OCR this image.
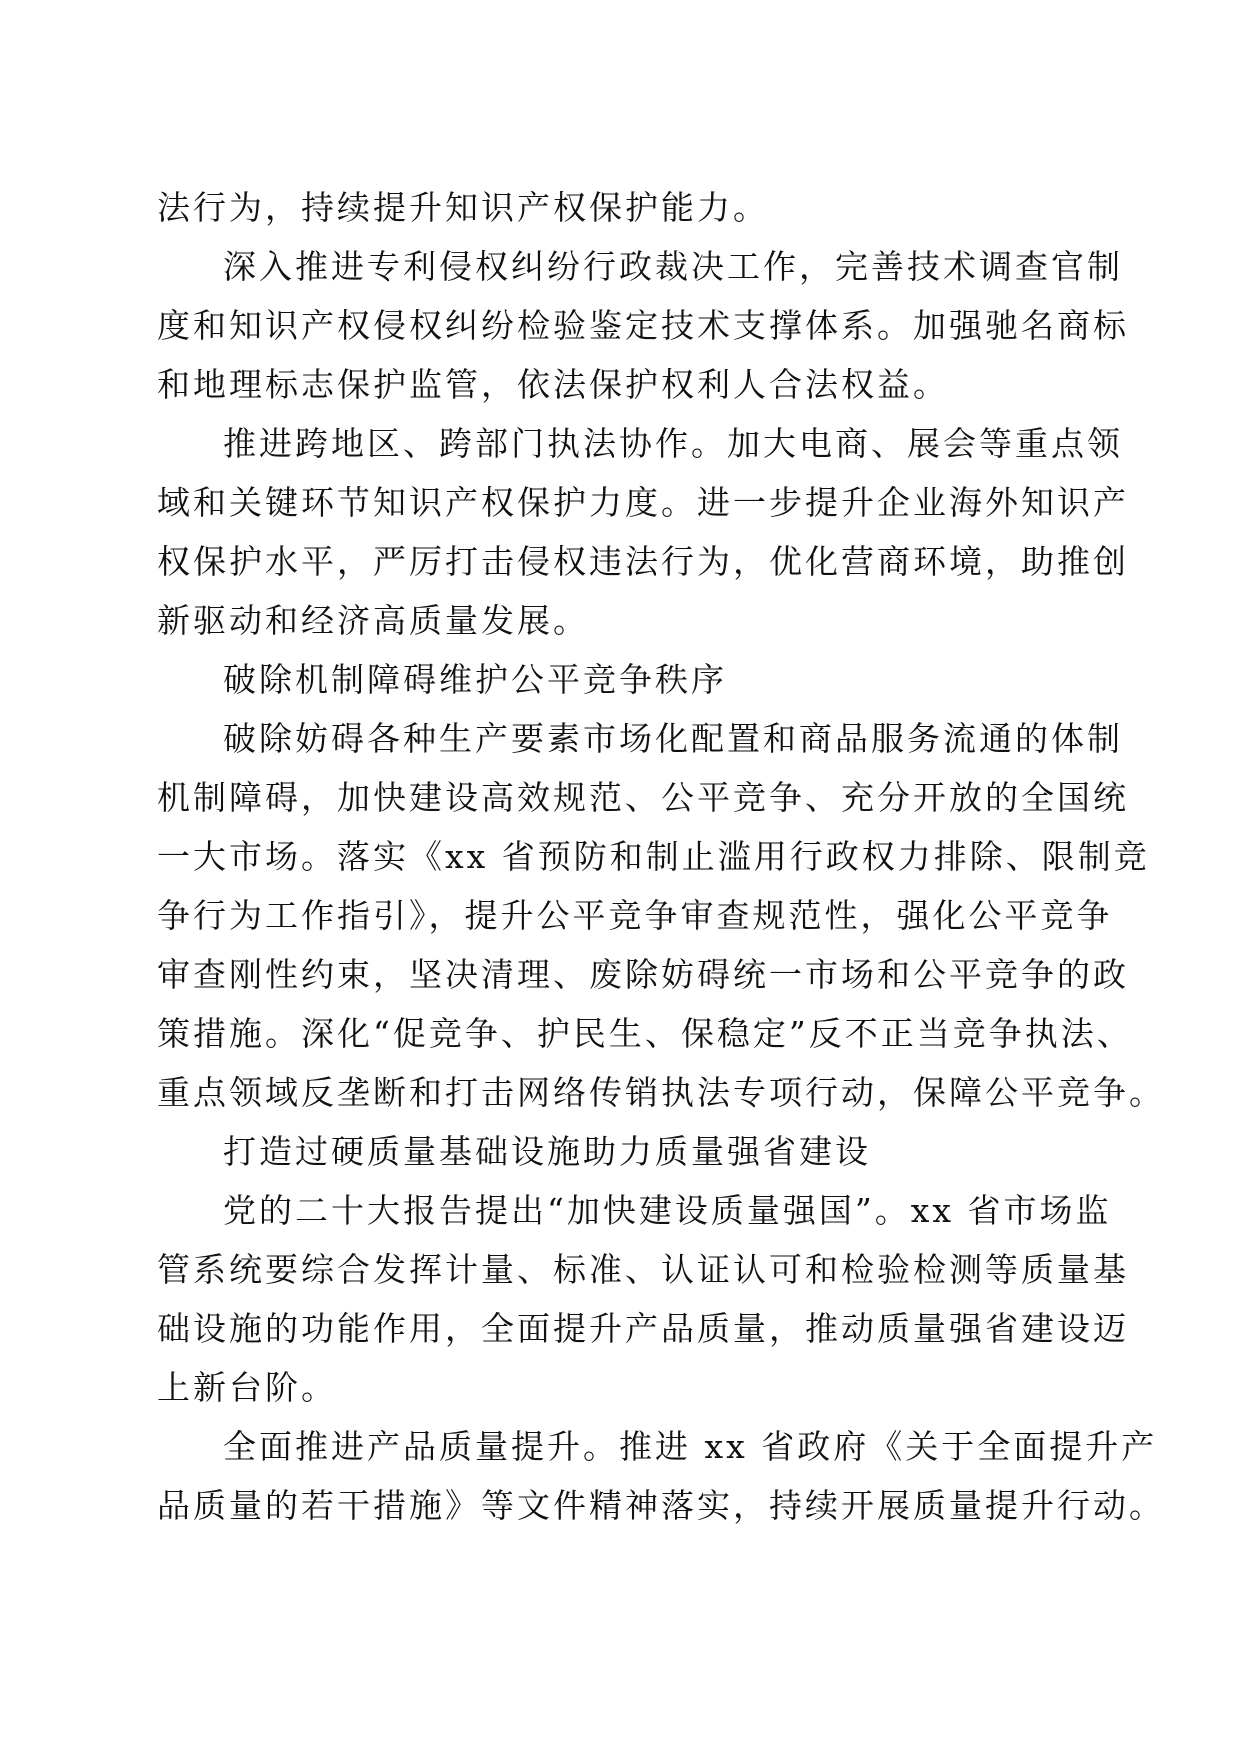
法行为，持续提升知识产权保护能力。

深入推进专利侵权纠纷行政裁决工作，完善技术调查官制
度和知识产权侵权纠纷检验鉴定技术支撑体系。加强驰名商标
和地理标志保护监管，依法保护权利人合法权益。

推进跨地区、跨部门执法协作。加大电商、展会等重点领
域和关键环节知识产权保护力度。进一步提升企业海外知识产
权保护水平，严厉打击侵权违法行为，优化营商环境，助推创
新驱动和经济高质量发展。

破除机制障碍维护公平竞争秩序

破除妨碍各种生产要素市场化配置和商品服务流通的体制
机制障碍，加快建设高效规范、公平竞争、充分开放的全国统
一大市场。落实《xx 省预防和制止滥用行政权力排除、限制竞
争行为工作指引》，提升公平竞争审查规范性，强化公平竞争
审查刚性约束，坚决清理、废除妨碍统一市场和公平竞争的政
策措施。深化“促竞争、护民生、保稳定”反不正当竞争执法、
重点领域反垄断和打击网络传销执法专项行动，保障公平竞争。

打造过硬质量基础设施助力质量强省建设

党的二十大报告提出“加快建设质量强国”。xx 省市场监
管系统要综合发挥计量、标准、认证认可和检验检测等质量基
础设施的功能作用，全面提升产品质量，推动质量强省建设迈
上新台阶。

全面推进产品质量提升。推进 xx 省政府《关于全面提升产
品质量的若干措施》等文件精神落实，持续开展质量提升行动。
